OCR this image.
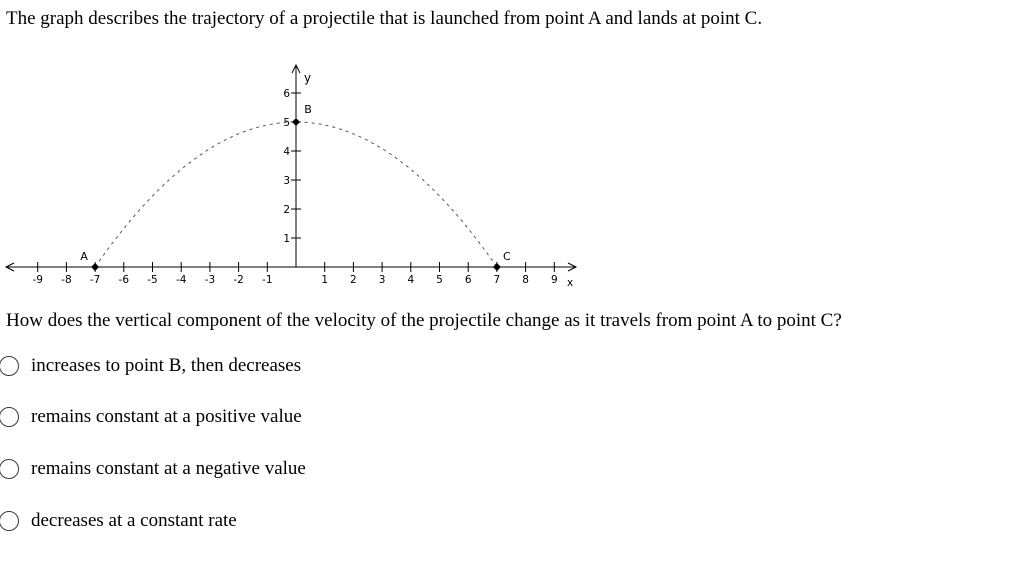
The graph describes the trajectory of a projectile that is launched from point A and lands at point C.

-9 -8 -7 -6 -5 -4 -3 -2 -1	1 2 3 4 5 6 7 8 9
1
2
3
4
5
6
A
B
C
y
x

How does the vertical component of the velocity of the projectile change as it travels from point A to point C?

increases to point B, then decreases
remains constant at a positive value
remains constant at a negative value
decreases at a constant rate
